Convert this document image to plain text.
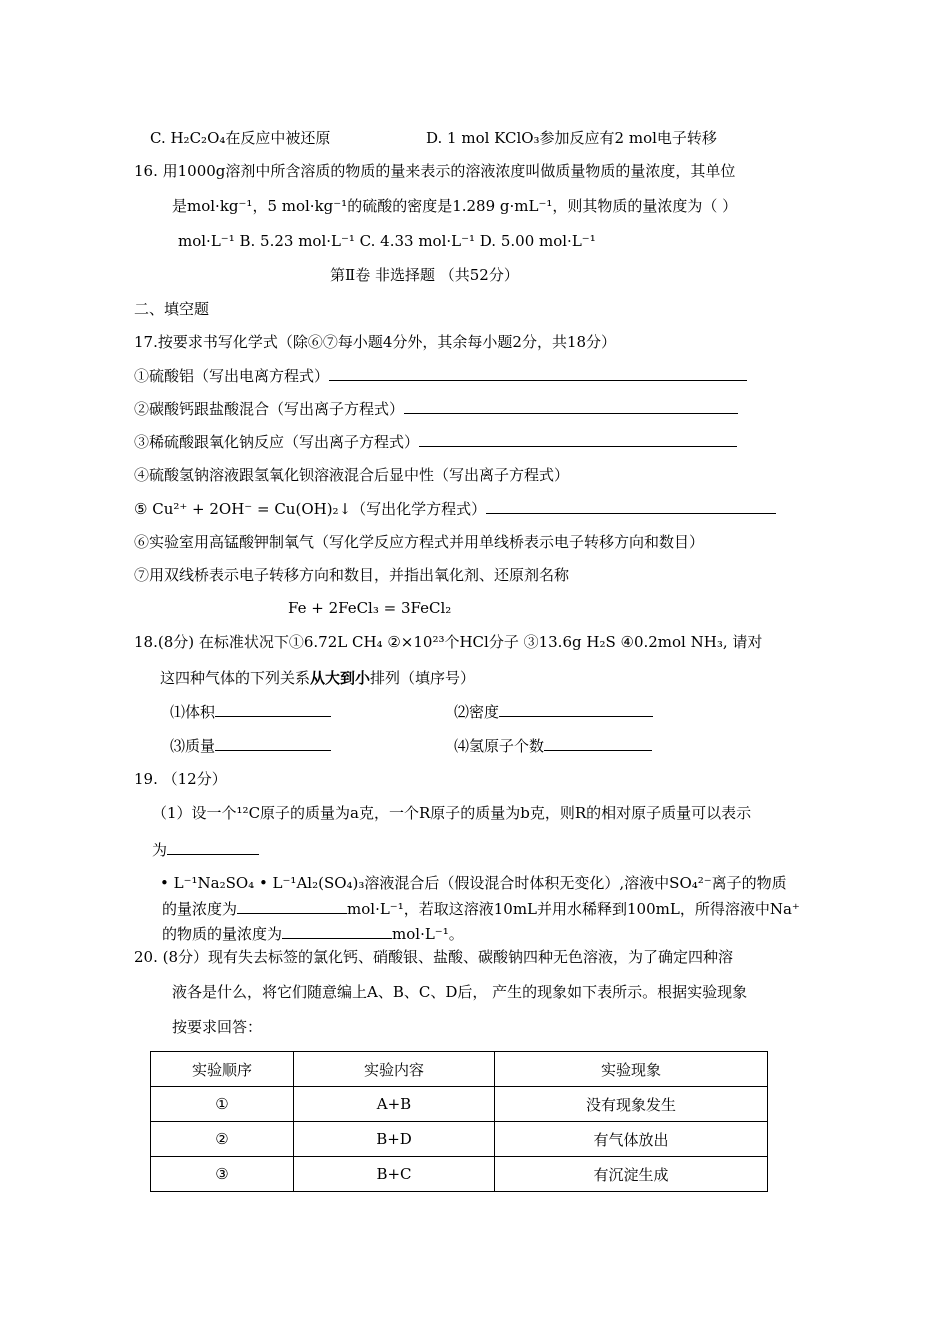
C. H₂C₂O₄在反应中被还原	D. 1 mol KClO₃参加反应有2 mol电子转移
16. 用1000g溶剂中所含溶质的物质的量来表示的溶液浓度叫做质量物质的量浓度，其单位
是mol·kg⁻¹，5 mol·kg⁻¹的硫酸的密度是1.289 g·mL⁻¹，则其物质的量浓度为（ ）
mol·L⁻¹ B. 5.23 mol·L⁻¹ C. 4.33 mol·L⁻¹ D. 5.00 mol·L⁻¹
第Ⅱ卷 非选择题 （共52分）
二、填空题
17.按要求书写化学式（除⑥⑦每小题4分外，其余每小题2分，共18分）
①硫酸铝（写出电离方程式）
②碳酸钙跟盐酸混合（写出离子方程式）
③稀硫酸跟氧化钠反应（写出离子方程式）
④硫酸氢钠溶液跟氢氧化钡溶液混合后显中性（写出离子方程式）
⑤ Cu²⁺ + 2OH⁻ = Cu(OH)₂↓（写出化学方程式）
⑥实验室用高锰酸钾制氧气（写化学反应方程式并用单线桥表示电子转移方向和数目）
⑦用双线桥表示电子转移方向和数目，并指出氧化剂、还原剂名称
Fe + 2FeCl₃ = 3FeCl₂
18.(8分) 在标准状况下①6.72L CH₄ ②×10²³个HCl分子 ③13.6g H₂S ④0.2mol NH₃, 请对
这四种气体的下列关系从大到小排列（填序号）
⑴体积	⑵密度
⑶质量	⑷氢原子个数
19. （12分）
（1）设一个¹²C原子的质量为a克，一个R原子的质量为b克，则R的相对原子质量可以表示
为
• L⁻¹Na₂SO₄ • L⁻¹Al₂(SO₄)₃溶液混合后（假设混合时体积无变化）,溶液中SO₄²⁻离子的物质
的量浓度为	mol·L⁻¹，若取这溶液10mL并用水稀释到100mL，所得溶液中Na⁺
的物质的量浓度为	mol·L⁻¹。
20. (8分）现有失去标签的氯化钙、硝酸银、盐酸、碳酸钠四种无色溶液，为了确定四种溶
液各是什么，将它们随意编上A、B、C、D后， 产生的现象如下表所示。根据实验现象
按要求回答：
实验顺序	实验内容	实验现象
①	A+B	没有现象发生
②	B+D	有气体放出
③	B+C	有沉淀生成
